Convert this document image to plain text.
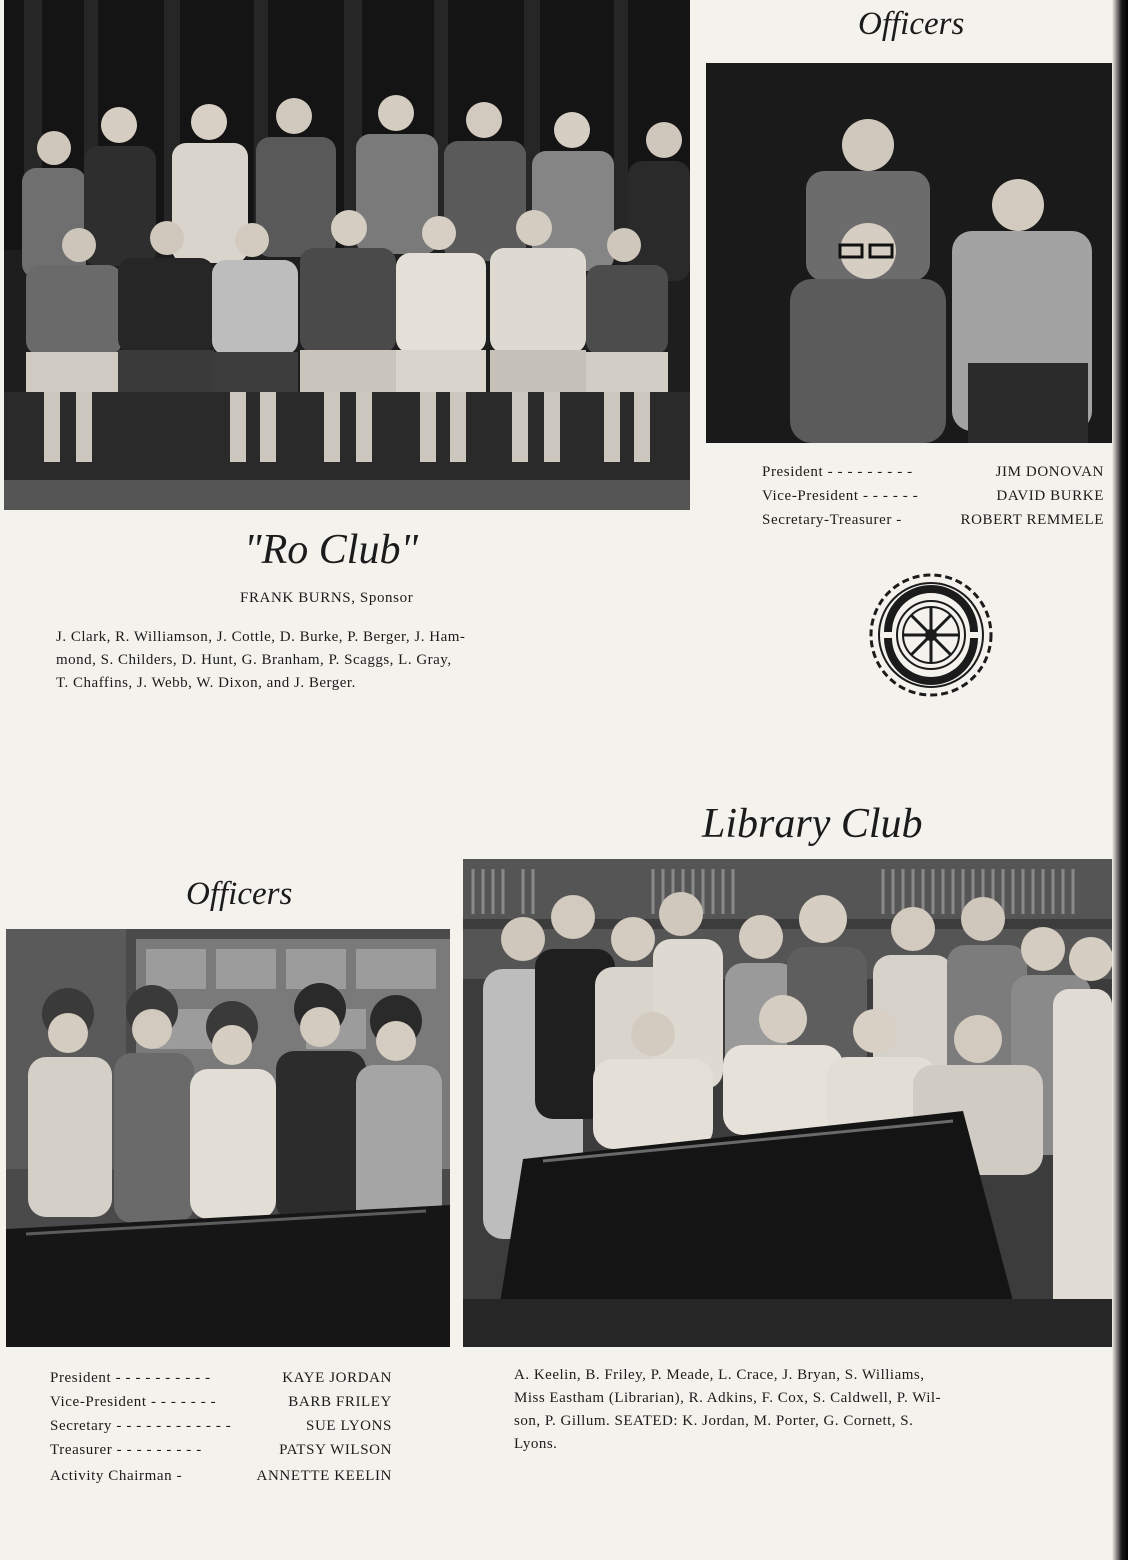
Officers
President - - - - - - - - -	JIM DONOVAN
Vice-President - - - - - -	DAVID BURKE
Secretary-Treasurer -	ROBERT REMMELE
"Ro Club"
FRANK BURNS, Sponsor
J. Clark, R. Williamson, J. Cottle, D. Burke, P. Berger, J. Ham-
mond, S. Childers, D. Hunt, G. Branham, P. Scaggs, L. Gray,
T. Chaffins, J. Webb, W. Dixon, and J. Berger.
Library Club
Officers
President - - - - - - - - - -	KAYE JORDAN
Vice-President - - - - - - -	BARB FRILEY
Secretary - - - - - - - - - - - -	SUE LYONS
Treasurer - - - - - - - - -	PATSY WILSON
Activity Chairman -	ANNETTE KEELIN
A. Keelin, B. Friley, P. Meade, L. Crace, J. Bryan, S. Williams,
Miss Eastham (Librarian), R. Adkins, F. Cox, S. Caldwell, P. Wil-
son, P. Gillum. SEATED: K. Jordan, M. Porter, G. Cornett, S.
Lyons.
